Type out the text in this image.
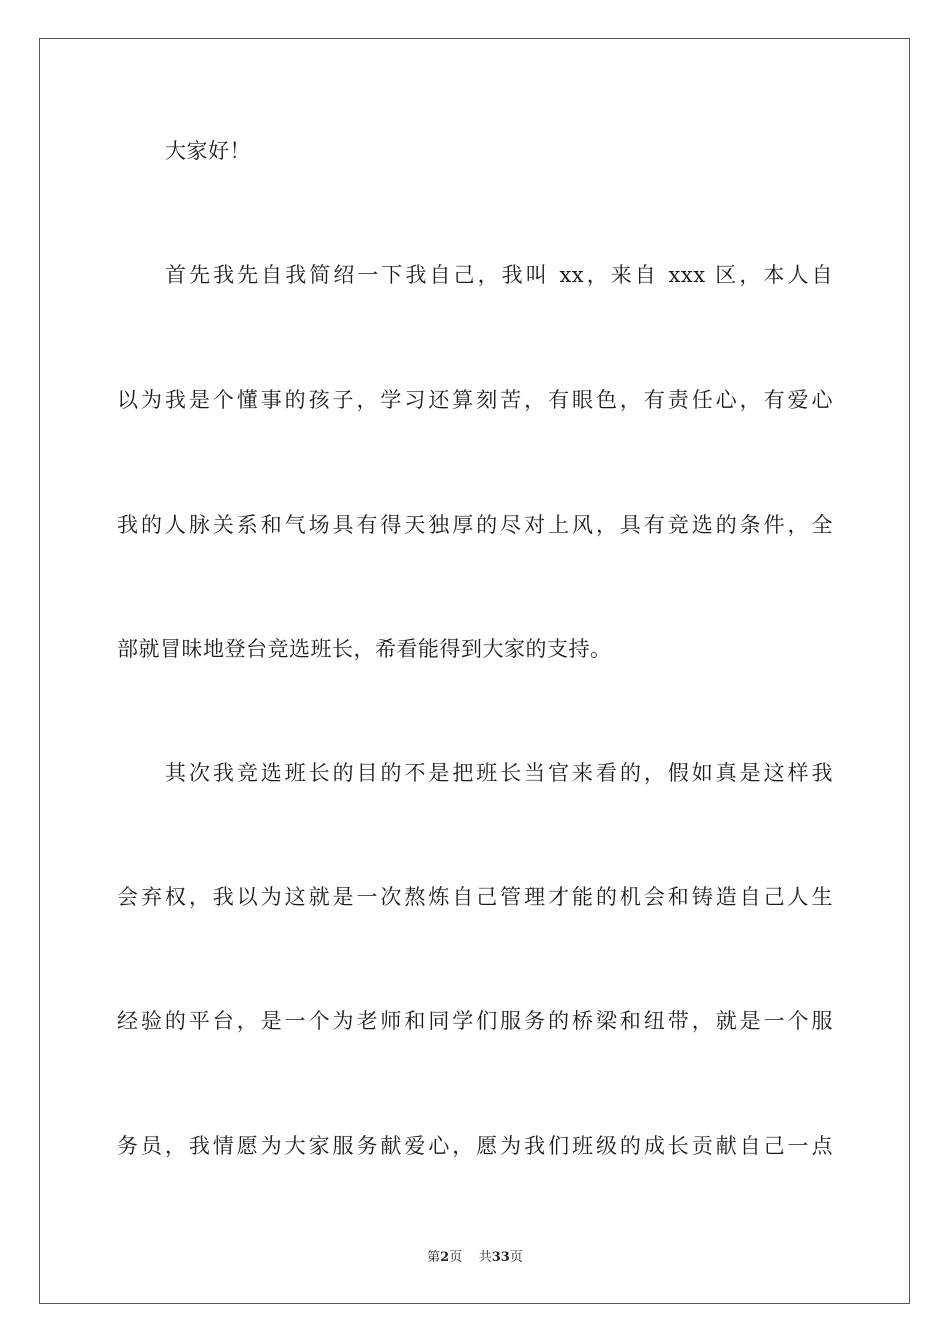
大家好！
首先我先自我简绍一下我自己，我叫 xx，来自 xxx 区，本人自
以为我是个懂事的孩子，学习还算刻苦，有眼色，有责任心，有爱心
我的人脉关系和气场具有得天独厚的尽对上风，具有竞选的条件，全
部就冒昧地登台竞选班长，希看能得到大家的支持。
其次我竞选班长的目的不是把班长当官来看的，假如真是这样我
会弃权，我以为这就是一次熬炼自己管理才能的机会和铸造自己人生
经验的平台，是一个为老师和同学们服务的桥梁和纽带，就是一个服
务员，我情愿为大家服务献爱心，愿为我们班级的成长贡献自己一点
第2页 共33页
